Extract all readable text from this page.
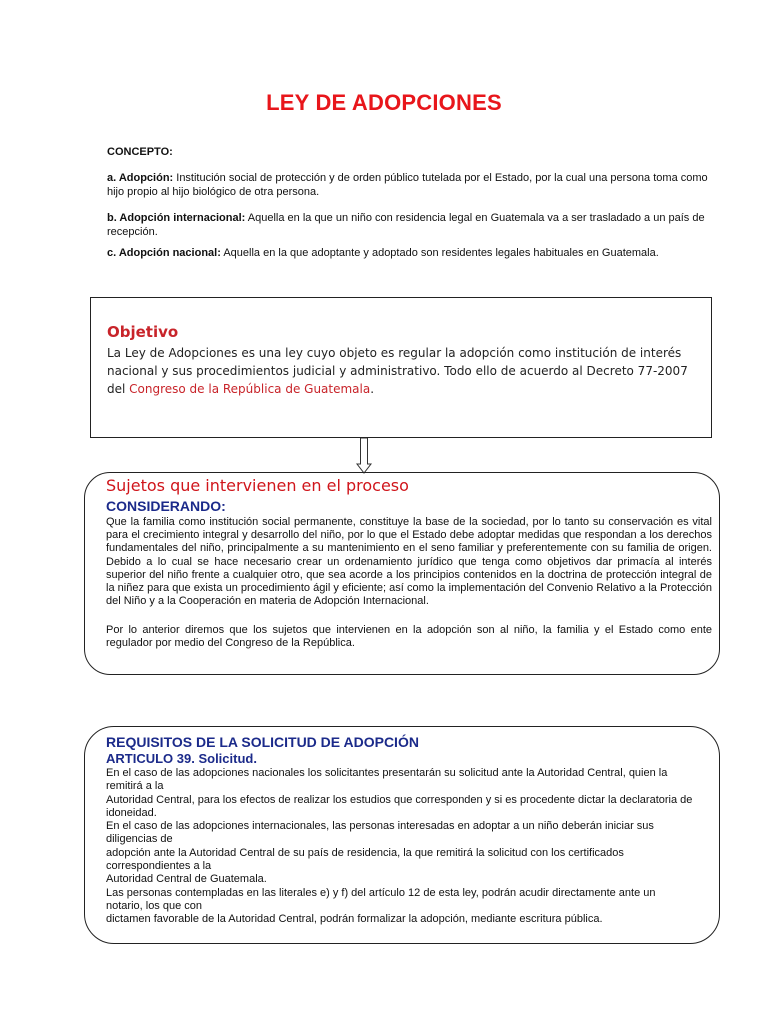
LEY DE ADOPCIONES
CONCEPTO:
a. Adopción: Institución social de protección y de orden público tutelada por el Estado, por la cual una persona toma como hijo propio al hijo biológico de otra persona.
b. Adopción internacional: Aquella en la que un niño con residencia legal en Guatemala va a ser trasladado a un país de recepción.
c. Adopción nacional: Aquella en la que adoptante y adoptado son residentes legales habituales en Guatemala.
Objetivo
La Ley de Adopciones es una ley cuyo objeto es regular la adopción como institución de interés nacional y sus procedimientos judicial y administrativo. Todo ello de acuerdo al Decreto 77-2007 del Congreso de la República de Guatemala.
Sujetos que intervienen en el proceso
CONSIDERANDO:
Que la familia como institución social permanente, constituye la base de la sociedad, por lo tanto su conservación es vital para el crecimiento integral y desarrollo del niño, por lo que el Estado debe adoptar medidas que respondan a los derechos fundamentales del niño, principalmente a su mantenimiento en el seno familiar y preferentemente con su familia de origen. Debido a lo cual se hace necesario crear un ordenamiento jurídico que tenga como objetivos dar primacía al interés superior del niño frente a cualquier otro, que sea acorde a los principios contenidos en la doctrina de protección integral de la niñez para que exista un procedimiento ágil y eficiente; así como la implementación del Convenio Relativo a la Protección del Niño y a la Cooperación en materia de Adopción Internacional.
Por lo anterior diremos que los sujetos que intervienen en la adopción son al niño, la familia y el Estado como ente regulador por medio del Congreso de la República.
REQUISITOS DE LA SOLICITUD DE ADOPCIÓN
ARTICULO 39. Solicitud.
En el caso de las adopciones nacionales los solicitantes presentarán su solicitud ante la Autoridad Central, quien la
remitirá a la
Autoridad Central, para los efectos de realizar los estudios que corresponden y si es procedente dictar la declaratoria de
idoneidad.
En el caso de las adopciones internacionales, las personas interesadas en adoptar a un niño deberán iniciar sus
diligencias de
adopción ante la Autoridad Central de su país de residencia, la que remitirá la solicitud con los certificados
correspondientes a la
Autoridad Central de Guatemala.
Las personas contempladas en las literales e) y f) del artículo 12 de esta ley, podrán acudir directamente ante un
notario, los que con
dictamen favorable de la Autoridad Central, podrán formalizar la adopción, mediante escritura pública.
